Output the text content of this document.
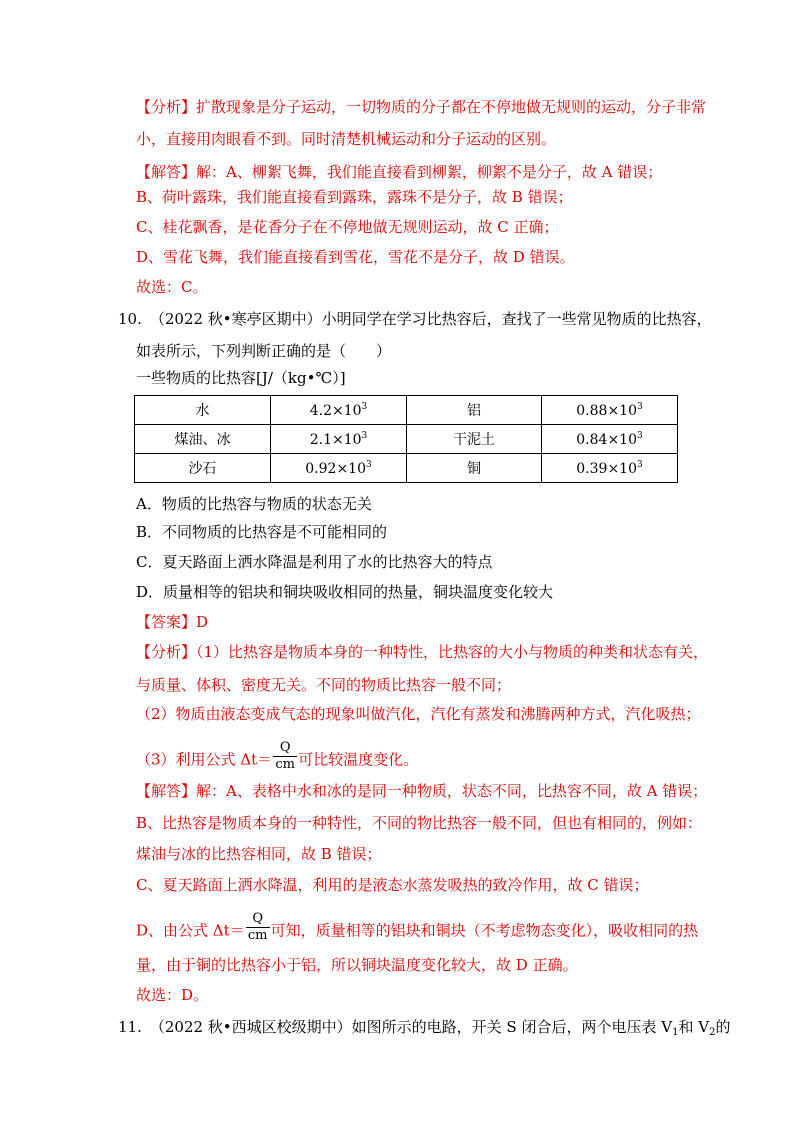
【分析】扩散现象是分子运动，一切物质的分子都在不停地做无规则的运动，分子非常
小，直接用肉眼看不到。同时清楚机械运动和分子运动的区别。
【解答】解：A、柳絮飞舞，我们能直接看到柳絮，柳絮不是分子，故 A 错误；
B、荷叶露珠，我们能直接看到露珠，露珠不是分子，故 B 错误；
C、桂花飘香，是花香分子在不停地做无规则运动，故 C 正确；
D、雪花飞舞，我们能直接看到雪花，雪花不是分子，故 D 错误。
故选：C。
10. （2022 秋•寒亭区期中）小明同学在学习比热容后，查找了一些常见物质的比热容，
如表所示，下列判断正确的是（　　）
一些物质的比热容[J/（kg•℃）]
水	$4.2\times 10^3$	铝	$0.88\times 10^3$
煤油、冰	$2.1\times 10^3$	干泥土	$0.84\times 10^3$
沙石	$0.92\times 10^3$	铜	$0.39\times 10^3$
A．物质的比热容与物质的状态无关
B．不同物质的比热容是不可能相同的
C．夏天路面上洒水降温是利用了水的比热容大的特点
D．质量相等的铝块和铜块吸收相同的热量，铜块温度变化较大
【答案】D
【分析】（1）比热容是物质本身的一种特性，比热容的大小与物质的种类和状态有关，
与质量、体积、密度无关。不同的物质比热容一般不同；
（2）物质由液态变成气态的现象叫做汽化，汽化有蒸发和沸腾两种方式，汽化吸热；
（3）利用公式 $\Delta t= \frac{Q}{cm}$ 可比较温度变化。
【解答】解：A、表格中水和冰的是同一种物质，状态不同，比热容不同，故 A 错误；
B、比热容是物质本身的一种特性，不同的物比热容一般不同，但也有相同的，例如：
煤油与冰的比热容相同，故 B 错误；
C、夏天路面上洒水降温，利用的是液态水蒸发吸热的致冷作用，故 C 错误；
D、由公式 $\Delta t= \frac{Q}{cm}$ 可知，质量相等的铝块和铜块（不考虑物态变化），吸收相同的热
量，由于铜的比热容小于铝，所以铜块温度变化较大，故 D 正确。
故选：D。
11. （2022 秋•西城区校级期中）如图所示的电路，开关 S 闭合后，两个电压表 $V_1$和 $V_2$的
